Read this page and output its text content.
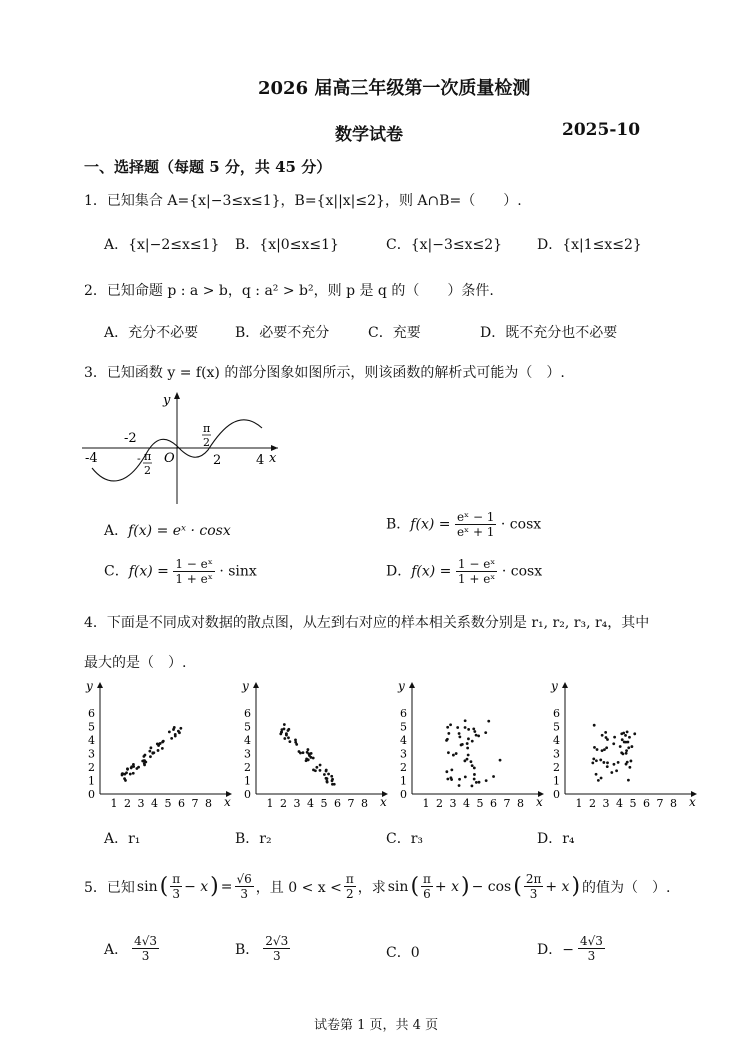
2026 届高三年级第一次质量检测
数学试卷	2025-10
一、选择题（每题 5 分，共 45 分）
1．已知集合 A={x|−3≤x≤1}，B={x||x|≤2}，则 A∩B=（　　）.
A．{x|−2≤x≤1} B．{x|0≤x≤1}	C．{x|−3≤x≤2} D．{x|1≤x≤2}
2．已知命题 p : a > b，q : a² > b²，则 p 是 q 的（　　）条件.
A．充分不必要	B．必要不充分	C．充要	D．既不充分也不必要
3．已知函数 y = f(x) 的部分图象如图所示，则该函数的解析式可能为（　）.
y
x
-4
-2
2	4
O
- π
2
π
2
A．f(x) = eˣ · cosx	B．$f(x) = \frac{\text{eˣ − 1}}{\text{eˣ + 1}} \cdot \cos x$
C．$f(x) = \frac{\text{1 − eˣ}}{\text{1 + eˣ}} \cdot \sin x$	D．$f(x) = \frac{\text{1 − eˣ}}{\text{1 + eˣ}} \cdot \cos x$
4．下面是不同成对数据的散点图，从左到右对应的样本相关系数分别是 r₁, r₂, r₃, r₄，其中
最大的是（　）.
y
x
0
1
2
3
4
5
6
1 2 3 4 5 6 7 8
y
x
0
1
2
3
4
5
6
1 2 3 4 5 6 7 8
y
x
0
1
2
3
4
5
6
1 2 3 4 5 6 7 8
y
x
0
1
2
3
4
5
6
1 2 3 4 5 6 7 8
A．r₁	B．r₂	C．r₃	D．r₄
5．已知 sin ( $\frac{\pi}{3} - x$ ) = $\frac{√6}{3}$ ，且 $0 < x < \frac{\pi}{2}$ ，求 sin ( $\frac{\pi}{6} + x$ ) − cos ( $\frac{2\pi}{3} + x$ ) 的值为（　）.
A． $\frac{4√3}{3}$	B． $\frac{2√3}{3}$	C．0	D．− $\frac{4√3}{3}$
试卷第 1 页，共 4 页
